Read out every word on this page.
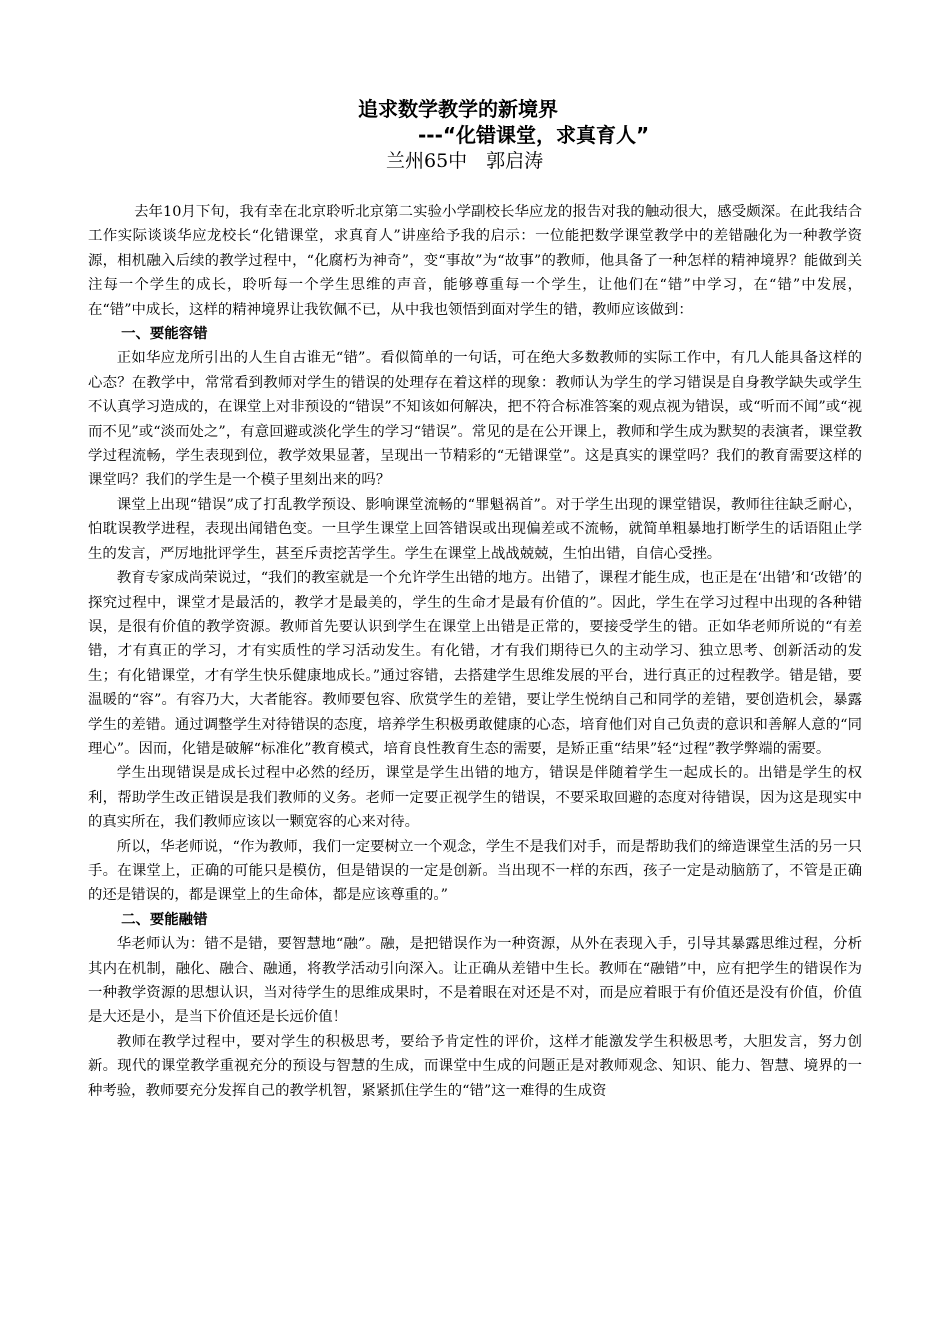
追求数学教学的新境界
---“化错课堂，求真育人”
兰州65中　郭启涛

去年10月下旬，我有幸在北京聆听北京第二实验小学副校长华应龙的报告对我的触动很大，感受颇深。在此我结合工作实际谈谈华应龙校长“化错课堂，求真育人”讲座给予我的启示：一位能把数学课堂教学中的差错融化为一种教学资源，相机融入后续的教学过程中，“化腐朽为神奇”，变“事故”为“故事”的教师，他具备了一种怎样的精神境界？能做到关注每一个学生的成长，聆听每一个学生思维的声音，能够尊重每一个学生，让他们在“错”中学习，在“错”中发展，在“错”中成长，这样的精神境界让我钦佩不已，从中我也领悟到面对学生的错，教师应该做到：

一、要能容错

正如华应龙所引出的人生自古谁无“错”。看似简单的一句话，可在绝大多数教师的实际工作中，有几人能具备这样的心态？在教学中，常常看到教师对学生的错误的处理存在着这样的现象：教师认为学生的学习错误是自身教学缺失或学生不认真学习造成的，在课堂上对非预设的“错误”不知该如何解决，把不符合标准答案的观点视为错误，或“听而不闻”或“视而不见”或“淡而处之”，有意回避或淡化学生的学习“错误”。常见的是在公开课上，教师和学生成为默契的表演者，课堂教学过程流畅，学生表现到位，教学效果显著，呈现出一节精彩的“无错课堂”。这是真实的课堂吗？我们的教育需要这样的课堂吗？我们的学生是一个模子里刻出来的吗？

课堂上出现“错误”成了打乱教学预设、影响课堂流畅的“罪魁祸首”。对于学生出现的课堂错误，教师往往缺乏耐心，怕耽误教学进程，表现出闻错色变。一旦学生课堂上回答错误或出现偏差或不流畅，就简单粗暴地打断学生的话语阻止学生的发言，严厉地批评学生，甚至斥责挖苦学生。学生在课堂上战战兢兢，生怕出错，自信心受挫。

教育专家成尚荣说过，“我们的教室就是一个允许学生出错的地方。出错了，课程才能生成，也正是在‘出错’和‘改错’的探究过程中，课堂才是最活的，教学才是最美的，学生的生命才是最有价值的”。因此，学生在学习过程中出现的各种错误，是很有价值的教学资源。教师首先要认识到学生在课堂上出错是正常的，要接受学生的错。正如华老师所说的“有差错，才有真正的学习，才有实质性的学习活动发生。有化错，才有我们期待已久的主动学习、独立思考、创新活动的发生；有化错课堂，才有学生快乐健康地成长。”通过容错，去搭建学生思维发展的平台，进行真正的过程教学。错是错，要温暖的“容”。有容乃大，大者能容。教师要包容、欣赏学生的差错，要让学生悦纳自己和同学的差错，要创造机会，暴露学生的差错。通过调整学生对待错误的态度，培养学生积极勇敢健康的心态，培育他们对自己负责的意识和善解人意的“同理心”。因而，化错是破解“标准化”教育模式，培育良性教育生态的需要，是矫正重“结果”轻“过程”教学弊端的需要。

学生出现错误是成长过程中必然的经历，课堂是学生出错的地方，错误是伴随着学生一起成长的。出错是学生的权利，帮助学生改正错误是我们教师的义务。老师一定要正视学生的错误，不要采取回避的态度对待错误，因为这是现实中的真实所在，我们教师应该以一颗宽容的心来对待。

所以，华老师说，“作为教师，我们一定要树立一个观念，学生不是我们对手，而是帮助我们的缔造课堂生活的另一只手。在课堂上，正确的可能只是模仿，但是错误的一定是创新。当出现不一样的东西，孩子一定是动脑筋了，不管是正确的还是错误的，都是课堂上的生命体，都是应该尊重的。”

二、要能融错

华老师认为：错不是错，要智慧地“融”。融，是把错误作为一种资源，从外在表现入手，引导其暴露思维过程，分析其内在机制，融化、融合、融通，将教学活动引向深入。让正确从差错中生长。教师在“融错”中，应有把学生的错误作为一种教学资源的思想认识，当对待学生的思维成果时，不是着眼在对还是不对，而是应着眼于有价值还是没有价值，价值是大还是小，是当下价值还是长远价值！

教师在教学过程中，要对学生的积极思考，要给予肯定性的评价，这样才能激发学生积极思考，大胆发言，努力创新。现代的课堂教学重视充分的预设与智慧的生成，而课堂中生成的问题正是对教师观念、知识、能力、智慧、境界的一种考验，教师要充分发挥自己的教学机智，紧紧抓住学生的“错”这一难得的生成资
